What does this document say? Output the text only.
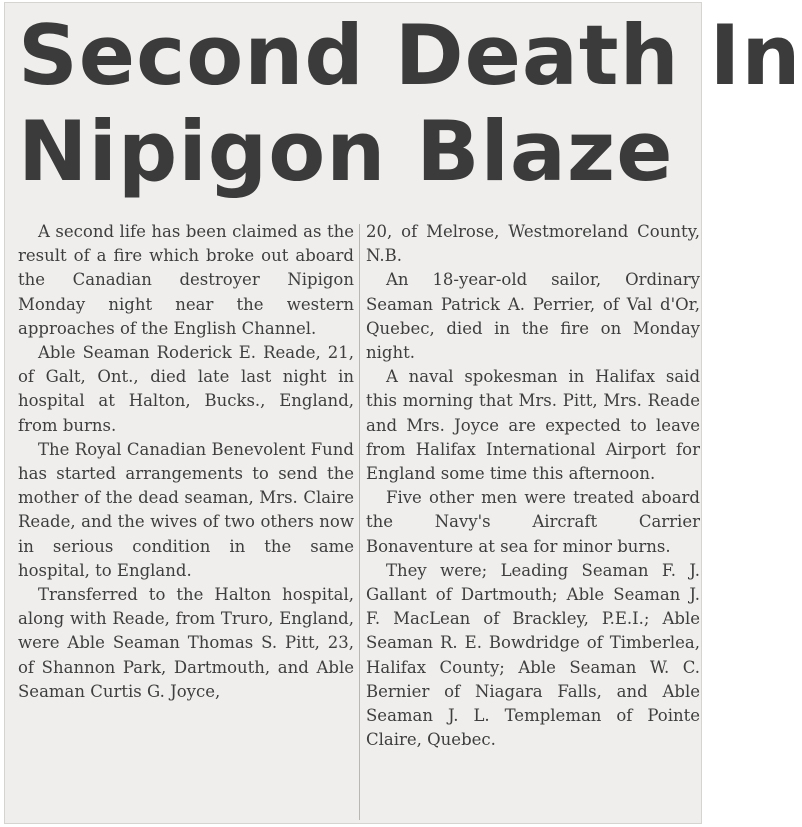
Second Death In
Nipigon Blaze

A second life has been claimed as the result of a fire which broke out aboard the Canadian destroyer Nipigon Monday night near the western approaches of the English Channel.

Able Seaman Roderick E. Reade, 21, of Galt, Ont., died late last night in hospital at Halton, Bucks., England, from burns.

The Royal Canadian Benevolent Fund has started arrangements to send the mother of the dead seaman, Mrs. Claire Reade, and the wives of two others now in serious condition in the same hospital, to England.

Transferred to the Halton hospital, along with Reade, from Truro, England, were Able Seaman Thomas S. Pitt, 23, of Shannon Park, Dartmouth, and Able Seaman Curtis G. Joyce,

20, of Melrose, Westmoreland County, N.B.

An 18-year-old sailor, Ordinary Seaman Patrick A. Perrier, of Val d'Or, Quebec, died in the fire on Monday night.

A naval spokesman in Halifax said this morning that Mrs. Pitt, Mrs. Reade and Mrs. Joyce are expected to leave from Halifax International Airport for England some time this afternoon.

Five other men were treated aboard the Navy's Aircraft Carrier Bonaventure at sea for minor burns.

They were; Leading Seaman F. J. Gallant of Dartmouth; Able Seaman J. F. MacLean of Brackley, P.E.I.; Able Seaman R. E. Bowdridge of Timberlea, Halifax County; Able Seaman W. C. Bernier of Niagara Falls, and Able Seaman J. L. Templeman of Pointe Claire, Quebec.
